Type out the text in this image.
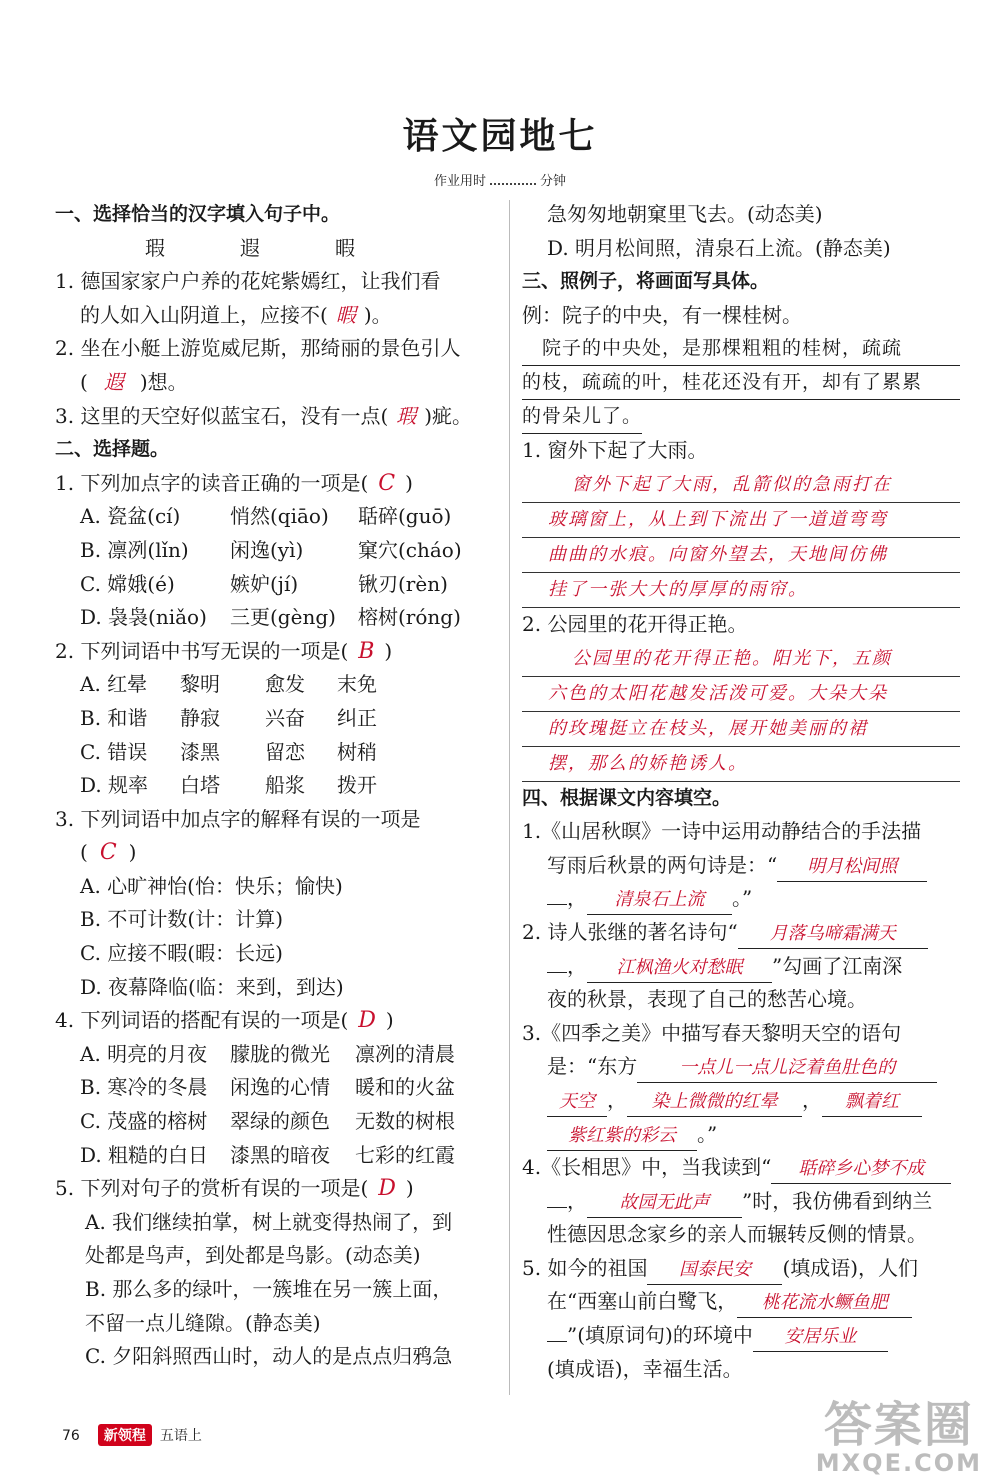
语文园地七
作业用时	分钟
一、选择恰当的汉字填入句子中。
瑕	遐	暇
1. 德国家家户户养的花姹紫嫣红，让我们看
的人如入山阴道上，应接不( 暇 )。
2. 坐在小艇上游览威尼斯，那绮丽的景色引人
( 遐 )想。
3. 这里的天空好似蓝宝石，没有一点( 瑕 )疵。
二、选择题。
1. 下列加点字的读音正确的一项是( C )
A. 瓷盆(cí) 悄然(qiāo) 聒碎(guō)
B. 凛冽(lǐn) 闲逸(yì)	窠穴(cháo)
C. 嫦娥(é)	嫉妒(jí)	锹刃(rèn)
D. 袅袅(niǎo) 三更(gèng) 榕树(róng)
2. 下列词语中书写无误的一项是( B )
A. 红晕 黎明 愈发 末免
B. 和谐 静寂 兴奋 纠正
C. 错误 漆黑 留恋 树稍
D. 规率 白塔 船浆 拨开
3. 下列词语中加点字的解释有误的一项是
( C )
A. 心旷神怡(怡：快乐；愉快)
B. 不可计数(计：计算)
C. 应接不暇(暇：长远)
D. 夜幕降临(临：来到，到达)
4. 下列词语的搭配有误的一项是( D )
A. 明亮的月夜 朦胧的微光 凛冽的清晨
B. 寒冷的冬晨 闲逸的心情 暖和的火盆
C. 茂盛的榕树 翠绿的颜色 无数的树根
D. 粗糙的白日 漆黑的暗夜 七彩的红霞
5. 下列对句子的赏析有误的一项是( D )
A. 我们继续拍掌，树上就变得热闹了，到
处都是鸟声，到处都是鸟影。(动态美)
B. 那么多的绿叶，一簇堆在另一簇上面，
不留一点儿缝隙。(静态美)
C. 夕阳斜照西山时，动人的是点点归鸦急
急匆匆地朝窠里飞去。(动态美)
D. 明月松间照，清泉石上流。(静态美)
三、照例子，将画面写具体。
例：院子的中央，有一棵桂树。
院子的中央处，是那棵粗粗的桂树，疏疏
的枝，疏疏的叶，桂花还没有开，却有了累累
的骨朵儿了。
1. 窗外下起了大雨。
窗外下起了大雨，乱箭似的急雨打在
玻璃窗上，从上到下流出了一道道弯弯
曲曲的水痕。向窗外望去，天地间仿佛
挂了一张大大的厚厚的雨帘。
2. 公园里的花开得正艳。
公园里的花开得正艳。阳光下，五颜
六色的太阳花越发活泼可爱。大朵大朵
的玫瑰挺立在枝头，展开她美丽的裙
摆，那么的娇艳诱人。
四、根据课文内容填空。
1.《山居秋暝》一诗中运用动静结合的手法描
写雨后秋景的两句诗是：“ 明月松间照
， 清泉石上流 。”
2. 诗人张继的著名诗句“ 月落乌啼霜满天
， 江枫渔火对愁眠 ”勾画了江南深
夜的秋景，表现了自己的愁苦心境。
3.《四季之美》中描写春天黎明天空的语句
是：“东方 一点儿一点儿泛着鱼肚色的
天空 ， 染上微微的红晕 ， 飘着红
紫红紫的彩云 。”
4.《长相思》中，当我读到“ 聒碎乡心梦不成
， 故园无此声 ”时，我仿佛看到纳兰
性德因思念家乡的亲人而辗转反侧的情景。
5. 如今的祖国 国泰民安 (填成语)，人们
在“西塞山前白鹭飞， 桃花流水鳜鱼肥
”(填原词句)的环境中 安居乐业
(填成语)，幸福生活。
76 新领程 五语上	答案圈
MXQE.COM
